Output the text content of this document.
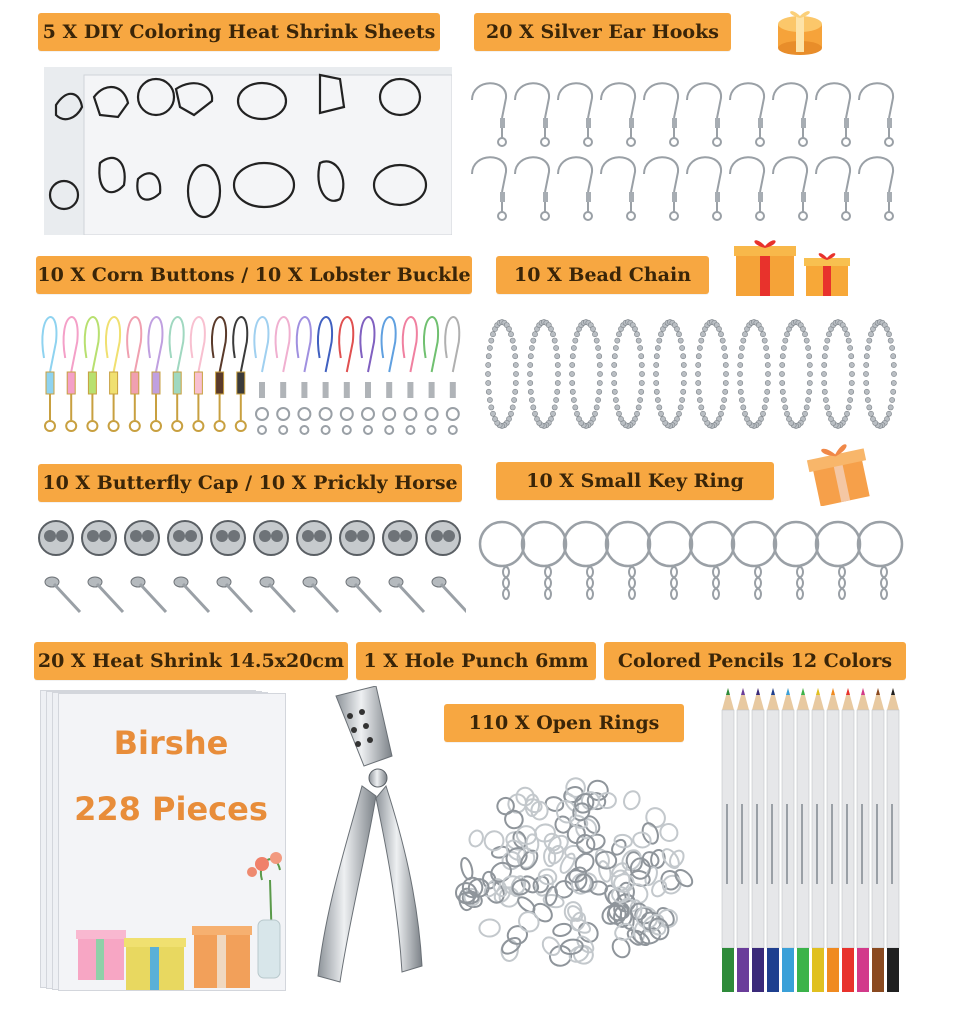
5 X DIY Coloring Heat Shrink Sheets	20 X Silver Ear Hooks
10 X Corn Buttons / 10 X Lobster Buckle	10 X Bead Chain
10 X Butterfly Cap / 10 X Prickly Horse	10 X Small Key Ring
20 X Heat Shrink 14.5x20cm	1 X Hole Punch 6mm	Colored Pencils 12 Colors
Birshe
228 Pieces
110 X Open Rings
